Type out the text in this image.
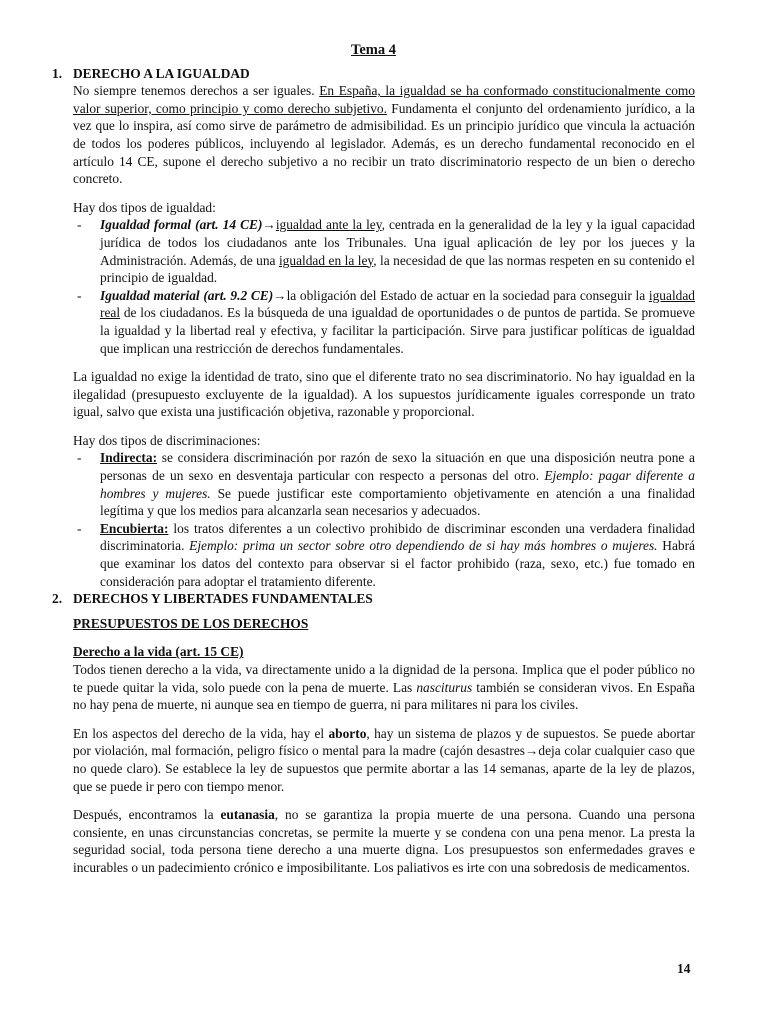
Tema 4
1. DERECHO A LA IGUALDAD

No siempre tenemos derechos a ser iguales. En España, la igualdad se ha conformado constitucionalmente como valor superior, como principio y como derecho subjetivo. Fundamenta el conjunto del ordenamiento jurídico, a la vez que lo inspira, así como sirve de parámetro de admisibilidad. Es un principio jurídico que vincula la actuación de todos los poderes públicos, incluyendo al legislador. Además, es un derecho fundamental reconocido en el artículo 14 CE, supone el derecho subjetivo a no recibir un trato discriminatorio respecto de un bien o derecho concreto.

Hay dos tipos de igualdad:

-	Igualdad formal (art. 14 CE)→igualdad ante la ley, centrada en la generalidad de la ley y la igual capacidad jurídica de todos los ciudadanos ante los Tribunales. Una igual aplicación de ley por los jueces y la Administración. Además, de una igualdad en la ley, la necesidad de que las normas respeten en su contenido el principio de igualdad.
-	Igualdad material (art. 9.2 CE)→la obligación del Estado de actuar en la sociedad para conseguir la igualdad real de los ciudadanos. Es la búsqueda de una igualdad de oportunidades o de puntos de partida. Se promueve la igualdad y la libertad real y efectiva, y facilitar la participación. Sirve para justificar políticas de igualdad que implican una restricción de derechos fundamentales.

La igualdad no exige la identidad de trato, sino que el diferente trato no sea discriminatorio. No hay igualdad en la ilegalidad (presupuesto excluyente de la igualdad). A los supuestos jurídicamente iguales corresponde un trato igual, salvo que exista una justificación objetiva, razonable y proporcional.

Hay dos tipos de discriminaciones:

-	Indirecta: se considera discriminación por razón de sexo la situación en que una disposición neutra pone a personas de un sexo en desventaja particular con respecto a personas del otro. Ejemplo: pagar diferente a hombres y mujeres. Se puede justificar este comportamiento objetivamente en atención a una finalidad legítima y que los medios para alcanzarla sean necesarios y adecuados.
-	Encubierta: los tratos diferentes a un colectivo prohibido de discriminar esconden una verdadera finalidad discriminatoria. Ejemplo: prima un sector sobre otro dependiendo de si hay más hombres o mujeres. Habrá que examinar los datos del contexto para observar si el factor prohibido (raza, sexo, etc.) fue tomado en consideración para adoptar el tratamiento diferente.
2. DERECHOS Y LIBERTADES FUNDAMENTALES

PRESUPUESTOS DE LOS DERECHOS

Derecho a la vida (art. 15 CE)

Todos tienen derecho a la vida, va directamente unido a la dignidad de la persona. Implica que el poder público no te puede quitar la vida, solo puede con la pena de muerte. Las nasciturus también se consideran vivos. En España no hay pena de muerte, ni aunque sea en tiempo de guerra, ni para militares ni para los civiles.

En los aspectos del derecho de la vida, hay el aborto, hay un sistema de plazos y de supuestos. Se puede abortar por violación, mal formación, peligro físico o mental para la madre (cajón desastres→deja colar cualquier caso que no quede claro). Se establece la ley de supuestos que permite abortar a las 14 semanas, aparte de la ley de plazos, que se puede ir pero con tiempo menor.

Después, encontramos la eutanasia, no se garantiza la propia muerte de una persona. Cuando una persona consiente, en unas circunstancias concretas, se permite la muerte y se condena con una pena menor. La presta la seguridad social, toda persona tiene derecho a una muerte digna. Los presupuestos son enfermedades graves e incurables o un padecimiento crónico e imposibilitante. Los paliativos es irte con una sobredosis de medicamentos.

14
